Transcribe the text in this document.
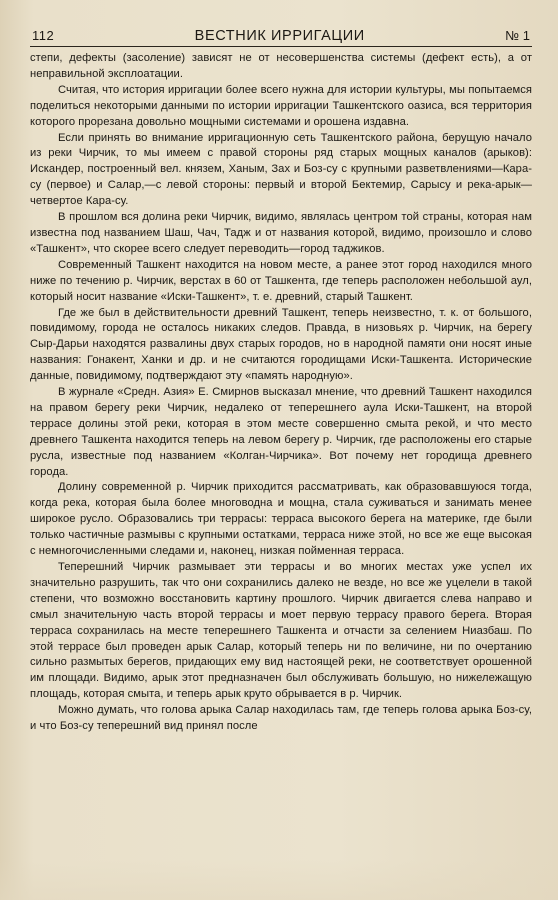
112	ВЕСТНИК ИРРИГАЦИИ	№ 1

степи, дефекты (засоление) зависят не от несовершенства системы (дефект есть), а от неправильной эксплоатации.

Считая, что история ирригации более всего нужна для истории культуры, мы попытаемся поделиться некоторыми данными по истории ирригации Ташкентского оазиса, вся территория которого прорезана довольно мощными системами и орошена издавна.

Если принять во внимание ирригационную сеть Ташкентского района, берущую начало из реки Чирчик, то мы имеем с правой стороны ряд старых мощных каналов (арыков): Искандер, построенный вел. князем, Ханым, Зах и Боз-су с крупными разветвлениями—Кара-су (первое) и Салар,—с левой стороны: первый и второй Бектемир, Сарысу и река-арык—четвертое Кара-су.

В прошлом вся долина реки Чирчик, видимо, являлась центром той страны, которая нам известна под названием Шаш, Чач, Тадж и от названия которой, видимо, произошло и слово «Ташкент», что скорее всего следует переводить—город таджиков.

Современный Ташкент находится на новом месте, а ранее этот город находился много ниже по течению р. Чирчик, верстах в 60 от Ташкента, где теперь расположен небольшой аул, который носит название «Иски-Ташкент», т. е. древний, старый Ташкент.

Где же был в действительности древний Ташкент, теперь неизвестно, т. к. от большого, повидимому, города не осталось никаких следов. Правда, в низовьях р. Чирчик, на берегу Сыр-Дарьи находятся развалины двух старых городов, но в народной памяти они носят иные названия: Гонакент, Ханки и др. и не считаются городищами Иски-Ташкента. Исторические данные, повидимому, подтверждают эту «память народную».

В журнале «Средн. Азия» Е. Смирнов высказал мнение, что древний Ташкент находился на правом берегу реки Чирчик, недалеко от теперешнего аула Иски-Ташкент, на второй террасе долины этой реки, которая в этом месте совершенно смыта рекой, и что место древнего Ташкента находится теперь на левом берегу р. Чирчик, где расположены его старые русла, известные под названием «Колган-Чирчика». Вот почему нет городища древнего города.

Долину современной р. Чирчик приходится рассматривать, как образовавшуюся тогда, когда река, которая была более многоводна и мощна, стала суживаться и занимать менее широкое русло. Образовались три террасы: терраса высокого берега на материке, где были только частичные размывы с крупными остатками, терраса ниже этой, но все же еще высокая с немногочисленными следами и, наконец, низкая пойменная терраса.

Теперешний Чирчик размывает эти террасы и во многих местах уже успел их значительно разрушить, так что они сохранились далеко не везде, но все же уцелели в такой степени, что возможно восстановить картину прошлого. Чирчик двигается слева направо и смыл значительную часть второй террасы и моет первую террасу правого берега. Вторая терраса сохранилась на месте теперешнего Ташкента и отчасти за селением Ниазбаш. По этой террасе был проведен арык Салар, который теперь ни по величине, ни по очертанию сильно размытых берегов, придающих ему вид настоящей реки, не соответствует орошенной им площади. Видимо, арык этот предназначен был обслуживать большую, но нижележащую площадь, которая смыта, и теперь арык круто обрывается в р. Чирчик.

Можно думать, что голова арыка Салар находилась там, где теперь голова арыка Боз-су, и что Боз-су теперешний вид принял после
